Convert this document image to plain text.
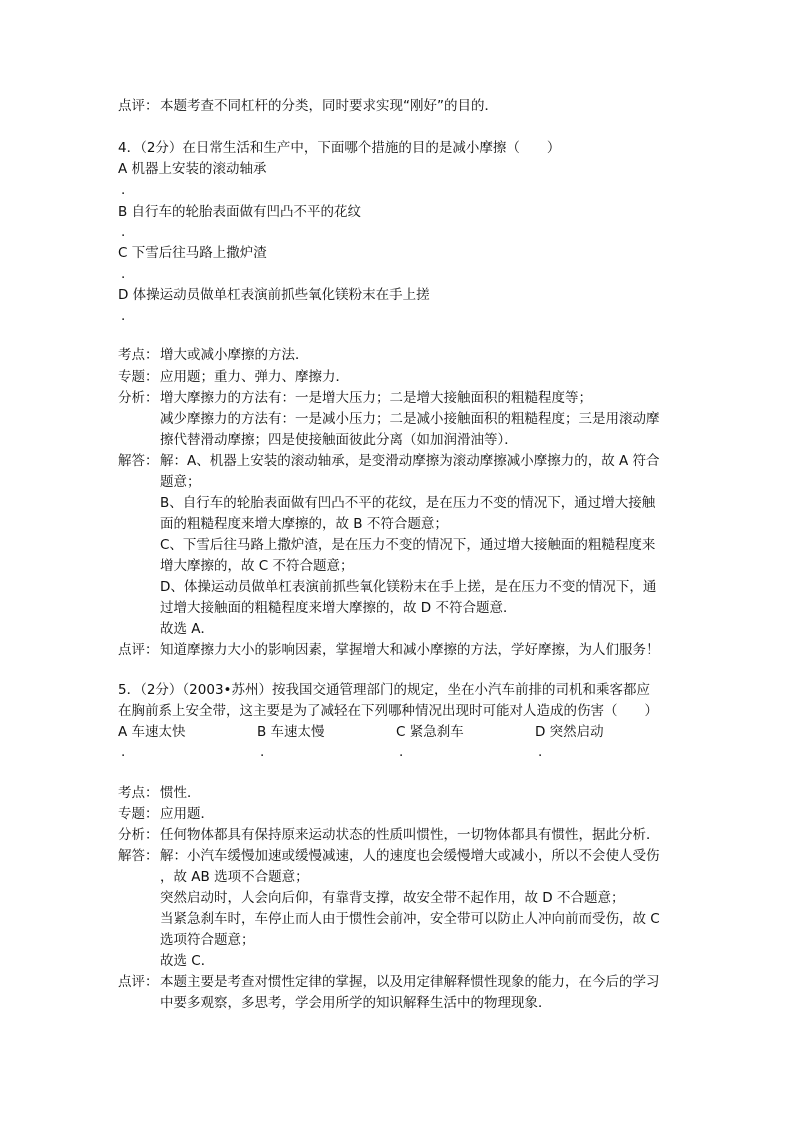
点评： 本题考查不同杠杆的分类，同时要求实现“刚好”的目的．
4．（2分）在日常生活和生产中，下面哪个措施的目的是减小摩擦（　　）
A 机器上安装的滚动轴承
.
B 自行车的轮胎表面做有凹凸不平的花纹
.
C 下雪后往马路上撒炉渣
.
D 体操运动员做单杠表演前抓些氧化镁粉末在手上搓
.
考点： 增大或减小摩擦的方法．
专题： 应用题；重力、弹力、摩擦力．
分析： 增大摩擦力的方法有：一是增大压力；二是增大接触面积的粗糙程度等；
减少摩擦力的方法有：一是减小压力；二是减小接触面积的粗糙程度；三是用滚动摩
擦代替滑动摩擦；四是使接触面彼此分离（如加润滑油等）．
解答： 解：A、机器上安装的滚动轴承，是变滑动摩擦为滚动摩擦减小摩擦力的，故 A 符合
题意；
B、自行车的轮胎表面做有凹凸不平的花纹，是在压力不变的情况下，通过增大接触
面的粗糙程度来增大摩擦的，故 B 不符合题意；
C、下雪后往马路上撒炉渣，是在压力不变的情况下，通过增大接触面的粗糙程度来
增大摩擦的，故 C 不符合题意；
D、体操运动员做单杠表演前抓些氧化镁粉末在手上搓，是在压力不变的情况下，通
过增大接触面的粗糙程度来增大摩擦的，故 D 不符合题意．
故选 A．
点评： 知道摩擦力大小的影响因素，掌握增大和减小摩擦的方法，学好摩擦，为人们服务！
5．（2分）（2003•苏州）按我国交通管理部门的规定，坐在小汽车前排的司机和乘客都应
在胸前系上安全带，这主要是为了减轻在下列哪种情况出现时可能对人造成的伤害（　　）
A 车速太快	B 车速太慢	C 紧急刹车	D 突然启动
.	.	.	.
考点： 惯性．
专题： 应用题．
分析： 任何物体都具有保持原来运动状态的性质叫惯性，一切物体都具有惯性，据此分析．
解答： 解：小汽车缓慢加速或缓慢减速，人的速度也会缓慢增大或减小，所以不会使人受伤
，故 AB 选项不合题意；
突然启动时，人会向后仰，有靠背支撑，故安全带不起作用，故 D 不合题意；
当紧急刹车时，车停止而人由于惯性会前冲，安全带可以防止人冲向前而受伤，故 C
选项符合题意；
故选 C．
点评： 本题主要是考查对惯性定律的掌握，以及用定律解释惯性现象的能力，在今后的学习
中要多观察，多思考，学会用所学的知识解释生活中的物理现象．
